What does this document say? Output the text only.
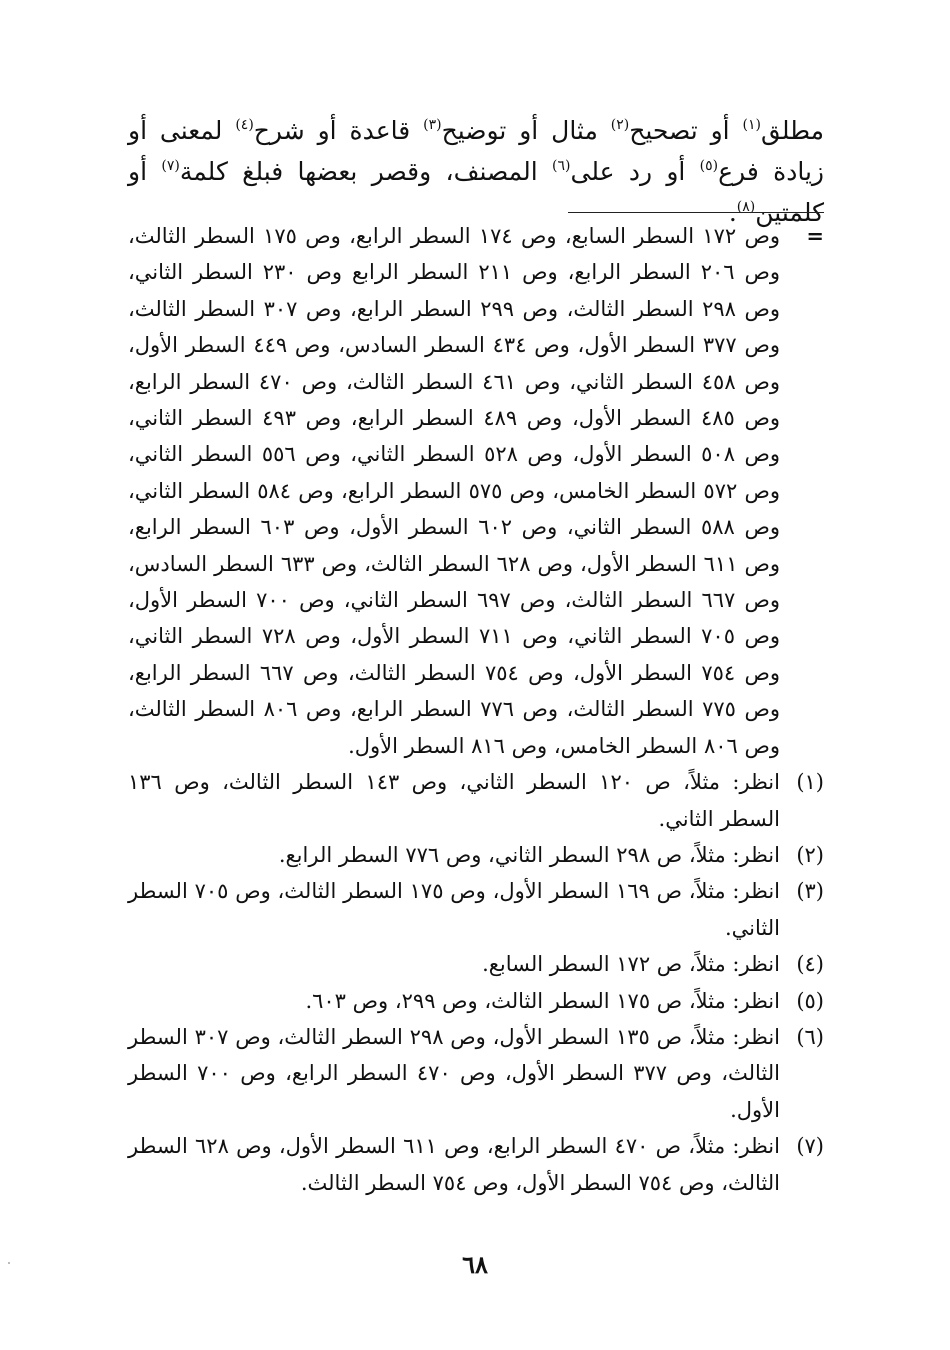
مطلق$^{(١)}$ أو تصحيح$^{(٢)}$ مثال أو توضيح$^{(٣)}$ قاعدة أو شرح$^{(٤)}$ لمعنى أو زيادة فرع$^{(٥)}$ أو رد على$^{(٦)}$ المصنف، وقصر بعضها فبلغ كلمة$^{(٧)}$ أو كلمتين$^{(٨)}$.

=
وص ١٧٢ السطر السابع، وص ١٧٤ السطر الرابع، وص ١٧٥ السطر الثالث، وص ٢٠٦ السطر الرابع، وص ٢١١ السطر الرابع وص ٢٣٠ السطر الثاني، وص ٢٩٨ السطر الثالث، وص ٢٩٩ السطر الرابع، وص ٣٠٧ السطر الثالث، وص ٣٧٧ السطر الأول، وص ٤٣٤ السطر السادس، وص ٤٤٩ السطر الأول، وص ٤٥٨ السطر الثاني، وص ٤٦١ السطر الثالث، وص ٤٧٠ السطر الرابع، وص ٤٨٥ السطر الأول، وص ٤٨٩ السطر الرابع، وص ٤٩٣ السطر الثاني، وص ٥٠٨ السطر الأول، وص ٥٢٨ السطر الثاني، وص ٥٥٦ السطر الثاني، وص ٥٧٢ السطر الخامس، وص ٥٧٥ السطر الرابع، وص ٥٨٤ السطر الثاني، وص ٥٨٨ السطر الثاني، وص ٦٠٢ السطر الأول، وص ٦٠٣ السطر الرابع، وص ٦١١ السطر الأول، وص ٦٢٨ السطر الثالث، وص ٦٣٣ السطر السادس، وص ٦٦٧ السطر الثالث، وص ٦٩٧ السطر الثاني، وص ٧٠٠ السطر الأول، وص ٧٠٥ السطر الثاني، وص ٧١١ السطر الأول، وص ٧٢٨ السطر الثاني، وص ٧٥٤ السطر الأول، وص ٧٥٤ السطر الثالث، وص ٦٦٧ السطر الرابع، وص ٧٧٥ السطر الثالث، وص ٧٧٦ السطر الرابع، وص ٨٠٦ السطر الثالث، وص ٨٠٦ السطر الخامس، وص ٨١٦ السطر الأول.
(١)
انظر: مثلاً، ص ١٢٠ السطر الثاني، وص ١٤٣ السطر الثالث، وص ١٣٦ السطر الثاني.
(٢)
انظر: مثلاً، ص ٢٩٨ السطر الثاني، وص ٧٧٦ السطر الرابع.
(٣)
انظر: مثلاً، ص ١٦٩ السطر الأول، وص ١٧٥ السطر الثالث، وص ٧٠٥ السطر الثاني.
(٤)
انظر: مثلاً، ص ١٧٢ السطر السابع.
(٥)
انظر: مثلاً، ص ١٧٥ السطر الثالث، وص ٢٩٩، وص ٦٠٣.
(٦)
انظر: مثلاً، ص ١٣٥ السطر الأول، وص ٢٩٨ السطر الثالث، وص ٣٠٧ السطر الثالث، وص ٣٧٧ السطر الأول، وص ٤٧٠ السطر الرابع، وص ٧٠٠ السطر الأول.
(٧)
انظر: مثلاً، ص ٤٧٠ السطر الرابع، وص ٦١١ السطر الأول، وص ٦٢٨ السطر الثالث، وص ٧٥٤ السطر الأول، وص ٧٥٤ السطر الثالث.
٦٨
